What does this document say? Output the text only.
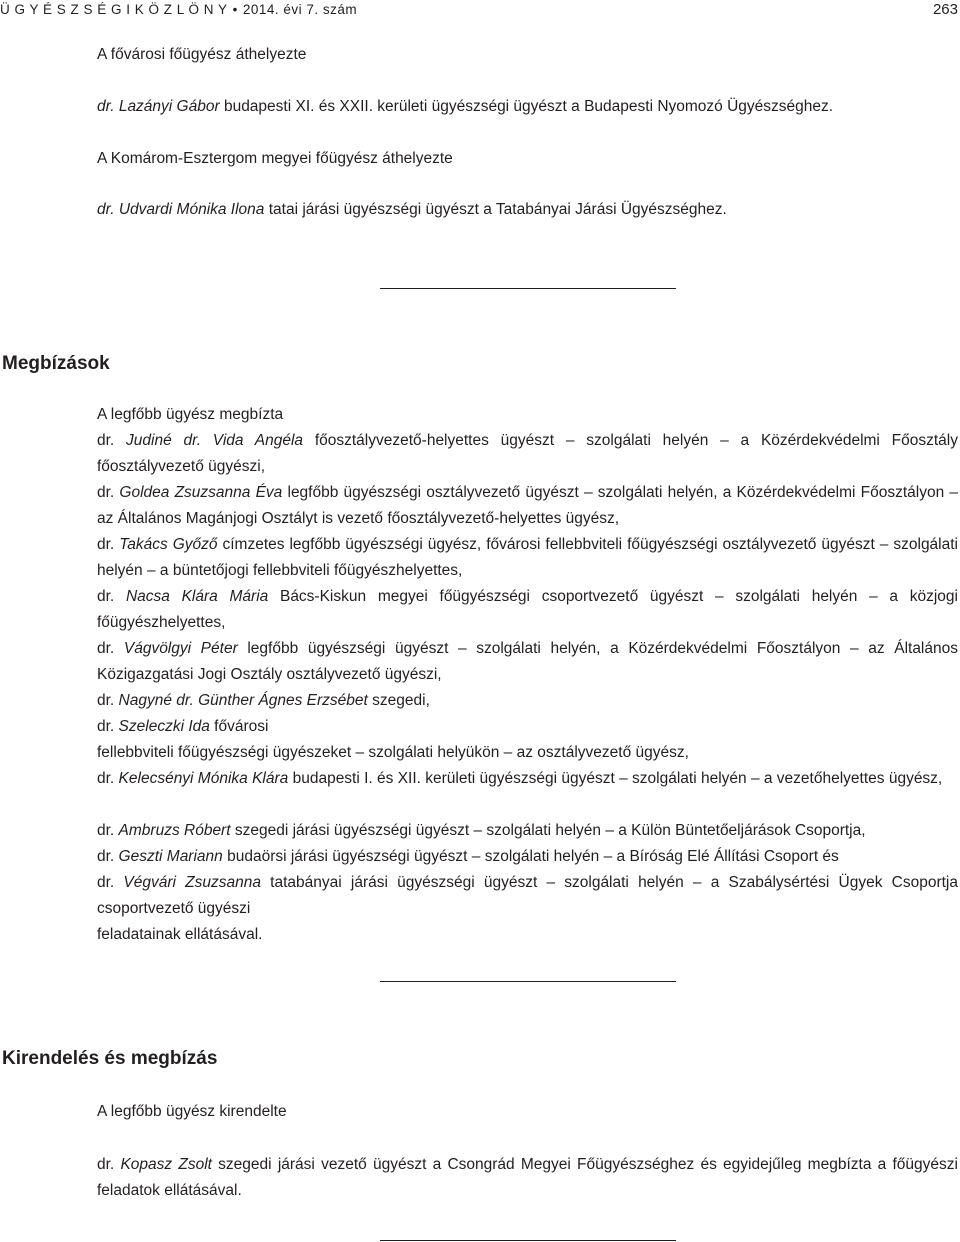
Ü G Y É S Z S É G I K Ö Z L Ö N Y • 2014. évi 7. szám	263

A fővárosi főügyész áthelyezte

dr. Lazányi Gábor budapesti XI. és XXII. kerületi ügyészségi ügyészt a Budapesti Nyomozó Ügyészséghez.

A Komárom-Esztergom megyei főügyész áthelyezte

dr. Udvardi Mónika Ilona tatai járási ügyészségi ügyészt a Tatabányai Járási Ügyészséghez.

Megbízások

A legfőbb ügyész megbízta

dr. Judiné dr. Vida Angéla főosztályvezető-helyettes ügyészt – szolgálati helyén – a Közérdekvédelmi Főosztály főosztályvezető ügyészi,

dr. Goldea Zsuzsanna Éva legfőbb ügyészségi osztályvezető ügyészt – szolgálati helyén, a Közérdekvédelmi Főosztályon – az Általános Magánjogi Osztályt is vezető főosztályvezető-helyettes ügyész,

dr. Takács Győző címzetes legfőbb ügyészségi ügyész, fővárosi fellebbviteli főügyészségi osztályvezető ügyészt – szolgálati helyén – a büntetőjogi fellebbviteli főügyészhelyettes,

dr. Nacsa Klára Mária Bács-Kiskun megyei főügyészségi csoportvezető ügyészt – szolgálati helyén – a közjogi főügyészhelyettes,

dr. Vágvölgyi Péter legfőbb ügyészségi ügyészt – szolgálati helyén, a Közérdekvédelmi Főosztályon – az Általános Közigazgatási Jogi Osztály osztályvezető ügyészi,

dr. Nagyné dr. Günther Ágnes Erzsébet szegedi,

dr. Szeleczki Ida fővárosi

fellebbviteli főügyészségi ügyészeket – szolgálati helyükön – az osztályvezető ügyész,

dr. Kelecsényi Mónika Klára budapesti I. és XII. kerületi ügyészségi ügyészt – szolgálati helyén – a vezetőhelyettes ügyész,

dr. Ambruzs Róbert szegedi járási ügyészségi ügyészt – szolgálati helyén – a Külön Büntetőeljárások Csoportja,

dr. Geszti Mariann budaörsi járási ügyészségi ügyészt – szolgálati helyén – a Bíróság Elé Állítási Csoport és

dr. Végvári Zsuzsanna tatabányai járási ügyészségi ügyészt – szolgálati helyén – a Szabálysértési Ügyek Csoportja csoportvezető ügyészi

feladatainak ellátásával.

Kirendelés és megbízás

A legfőbb ügyész kirendelte

dr. Kopasz Zsolt szegedi járási vezető ügyészt a Csongrád Megyei Főügyészséghez és egyidejűleg megbízta a főügyészi feladatok ellátásával.
